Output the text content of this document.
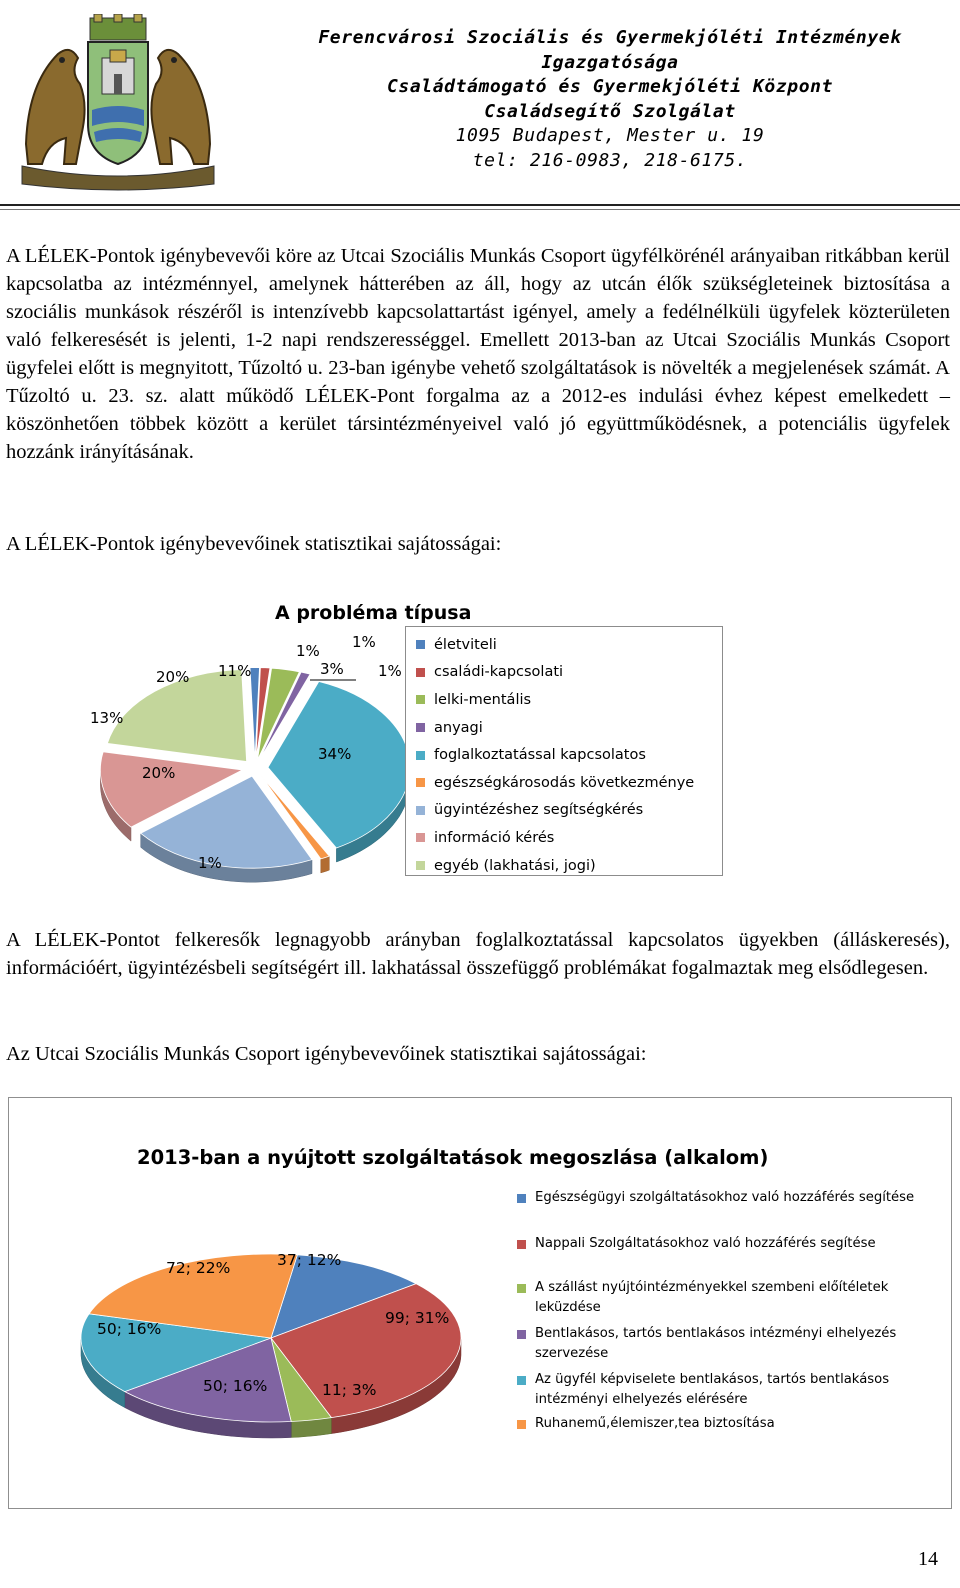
Ferencvárosi Szociális és Gyermekjóléti Intézmények
Igazgatósága
Családtámogató és Gyermekjóléti Központ
Családsegítő Szolgálat
1095 Budapest, Mester u. 19
tel: 216-0983, 218-6175.

A LÉLEK-Pontok igénybevevői köre az Utcai Szociális Munkás Csoport ügyfélkörénél arányaiban ritkábban kerül kapcsolatba az intézménnyel, amelynek hátterében az áll, hogy az utcán élők szükségleteinek biztosítása a szociális munkások részéről is intenzívebb kapcsolattartást igényel, amely a fedélnélküli ügyfelek közterületen való felkeresését is jelenti, 1-2 napi rendszerességgel. Emellett 2013-ban az Utcai Szociális Munkás Csoport ügyfelei előtt is megnyitott, Tűzoltó u. 23-ban igénybe vehető szolgáltatások is növelték a megjelenések számát. A Tűzoltó u. 23. sz. alatt működő LÉLEK-Pont forgalma az a 2012-es indulási évhez képest emelkedett – köszönhetően többek között a kerület társintézményeivel való jó együttműködésnek, a potenciális ügyfelek hozzánk irányításának.

A LÉLEK-Pontok igénybevevőinek statisztikai sajátosságai:

A probléma típusa
1%
1%
3%
1%
34%
1%
20%
13%
20% 11%
életviteli
családi-kapcsolati
lelki-mentális
anyagi
foglalkoztatással kapcsolatos
egészségkárosodás következménye
ügyintézéshez segítségkérés
információ kérés
egyéb (lakhatási, jogi)

A LÉLEK-Pontot felkeresők legnagyobb arányban foglalkoztatással kapcsolatos ügyekben (álláskeresés), információért, ügyintézésbeli segítségért ill. lakhatással összefüggő problémákat fogalmaztak meg elsődlegesen.

Az Utcai Szociális Munkás Csoport igénybevevőinek statisztikai sajátosságai:

2013-ban a nyújtott szolgáltatások megoszlása (alkalom)
37; 12%
99; 31%
11; 3%
50; 16%
50; 16%
72; 22%
Egészségügyi szolgáltatásokhoz való hozzáférés segítése
Nappali Szolgáltatásokhoz való hozzáférés segítése
A szállást nyújtóintézményekkel szembeni előítéletek leküzdése
Bentlakásos, tartós bentlakásos intézményi elhelyezés szervezése
Az ügyfél képviselete bentlakásos, tartós bentlakásos intézményi elhelyezés elérésére
Ruhanemű,élemiszer,tea biztosítása
14
